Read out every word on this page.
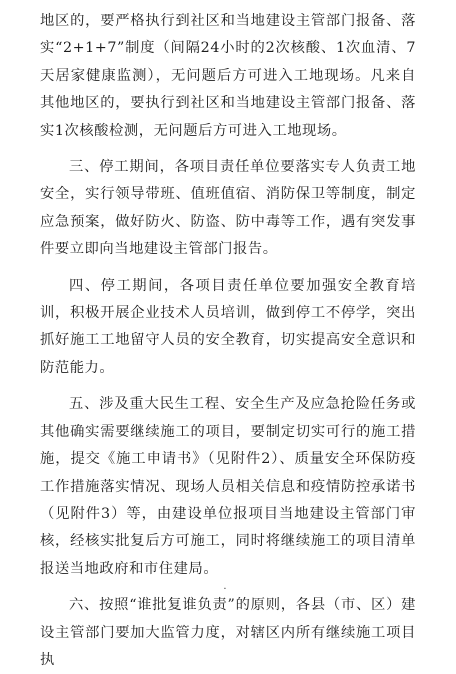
地区的，要严格执行到社区和当地建设主管部门报备、落实“2+1+7”制度（间隔24小时的2次核酸、1次血清、7天居家健康监测），无问题后方可进入工地现场。凡来自其他地区的，要执行到社区和当地建设主管部门报备、落实1次核酸检测，无问题后方可进入工地现场。

三、停工期间，各项目责任单位要落实专人负责工地安全，实行领导带班、值班值宿、消防保卫等制度，制定应急预案，做好防火、防盗、防中毒等工作，遇有突发事件要立即向当地建设主管部门报告。

四、停工期间，各项目责任单位要加强安全教育培训，积极开展企业技术人员培训，做到停工不停学，突出抓好施工工地留守人员的安全教育，切实提高安全意识和防范能力。

五、涉及重大民生工程、安全生产及应急抢险任务或其他确实需要继续施工的项目，要制定切实可行的施工措施，提交《施工申请书》（见附件2）、质量安全环保防疫工作措施落实情况、现场人员相关信息和疫情防控承诺书（见附件3）等，由建设单位报项目当地建设主管部门审核，经核实批复后方可施工，同时将继续施工的项目清单报送当地政府和市住建局。

六、按照“谁批复谁负责”的原则，各县（市、区）建设主管部门要加大监管力度，对辖区内所有继续施工项目执

·
